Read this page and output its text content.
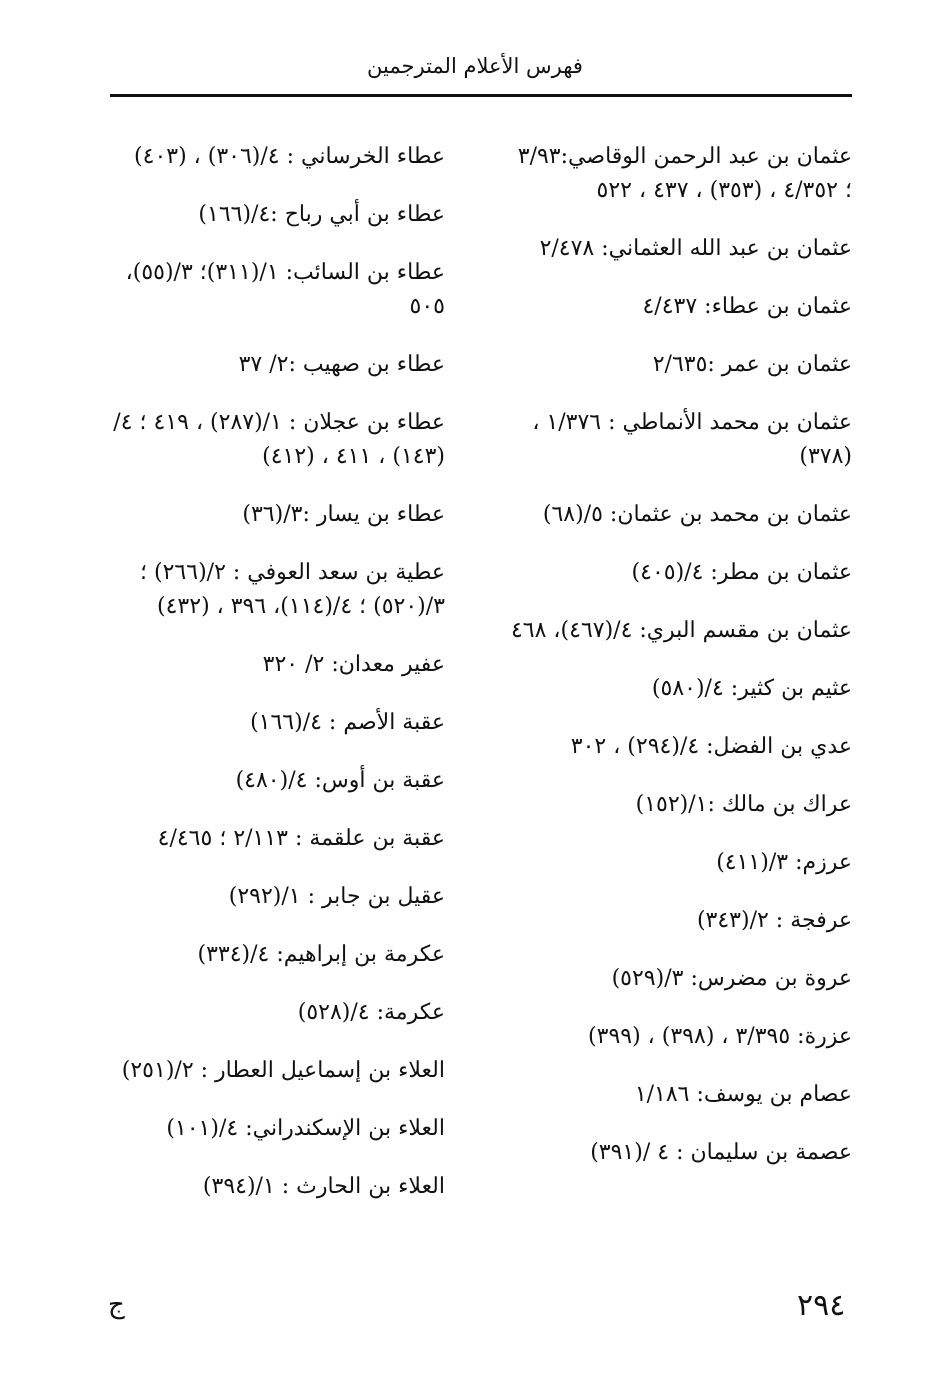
فهرس الأعلام المترجمين
عثمان بن عبد الرحمن الوقاصي:٣/٩٣ ؛ ٤/٣٥٢ ، (٣٥٣) ، ٤٣٧ ، ٥٢٢
عثمان بن عبد الله العثماني: ٢/٤٧٨
عثمان بن عطاء: ٤/٤٣٧
عثمان بن عمر :٢/٦٣٥
عثمان بن محمد الأنماطي : ١/٣٧٦ ، (٣٧٨)
عثمان بن محمد بن عثمان: ٥/(٦٨)
عثمان بن مطر: ٤/(٤٠٥)
عثمان بن مقسم البري: ٤/(٤٦٧)، ٤٦٨
عثيم بن كثير: ٤/(٥٨٠)
عدي بن الفضل: ٤/(٢٩٤) ، ٣٠٢
عراك بن مالك :١/(١٥٢)
عرزم: ٣/(٤١١)
عرفجة : ٢/(٣٤٣)
عروة بن مضرس: ٣/(٥٢٩)
عزرة: ٣/٣٩٥ ، (٣٩٨) ، (٣٩٩)
عصام بن يوسف: ١/١٨٦
عصمة بن سليمان : ٤ /(٣٩١)
عطاء الخرساني : ٤/(٣٠٦) ، (٤٠٣)
عطاء بن أبي رباح :٤/(١٦٦)
عطاء بن السائب: ١/(٣١١)؛ ٣/(٥٥)، ٥٠٥
عطاء بن صهيب :٢/ ٣٧
عطاء بن عجلان : ١/(٢٨٧) ، ٤١٩ ؛ ٤/ (١٤٣) ، ٤١١ ، (٤١٢)
عطاء بن يسار :٣/(٣٦)
عطية بن سعد العوفي : ٢/(٢٦٦) ؛ ٣/(٥٢٠) ؛ ٤/(١١٤)، ٣٩٦ ، (٤٣٢)
عفير معدان: ٢/ ٣٢٠
عقبة الأصم : ٤/(١٦٦)
عقبة بن أوس: ٤/(٤٨٠)
عقبة بن علقمة : ٢/١١٣ ؛ ٤/٤٦٥
عقيل بن جابر : ١/(٢٩٢)
عكرمة بن إبراهيم: ٤/(٣٣٤)
عكرمة: ٤/(٥٢٨)
العلاء بن إسماعيل العطار : ٢/(٢٥١)
العلاء بن الإسكندراني: ٤/(١٠١)
العلاء بن الحارث : ١/(٣٩٤)
٢٩٤
ج
